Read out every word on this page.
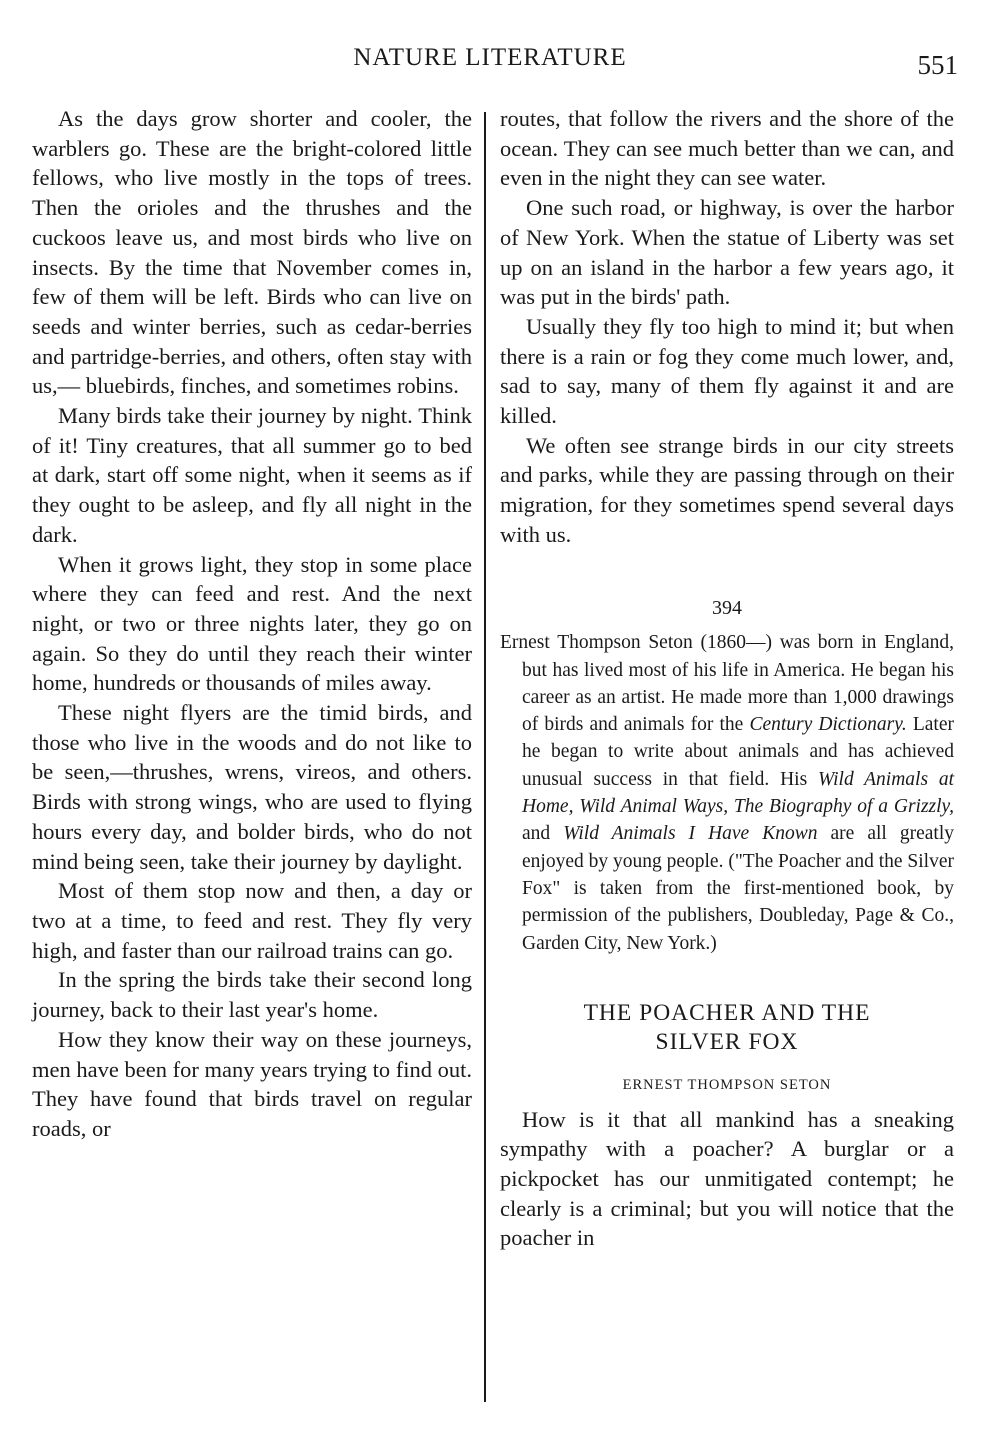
NATURE LITERATURE	551

As the days grow shorter and cooler, the warblers go. These are the bright-colored little fellows, who live mostly in the tops of trees. Then the orioles and the thrushes and the cuckoos leave us, and most birds who live on insects. By the time that November comes in, few of them will be left. Birds who can live on seeds and winter berries, such as cedar-berries and partridge-berries, and others, often stay with us,— bluebirds, finches, and sometimes robins.

Many birds take their journey by night. Think of it! Tiny creatures, that all summer go to bed at dark, start off some night, when it seems as if they ought to be asleep, and fly all night in the dark.

When it grows light, they stop in some place where they can feed and rest. And the next night, or two or three nights later, they go on again. So they do until they reach their winter home, hundreds or thousands of miles away.

These night flyers are the timid birds, and those who live in the woods and do not like to be seen,—thrushes, wrens, vireos, and others. Birds with strong wings, who are used to flying hours every day, and bolder birds, who do not mind being seen, take their journey by daylight.

Most of them stop now and then, a day or two at a time, to feed and rest. They fly very high, and faster than our railroad trains can go.

In the spring the birds take their second long journey, back to their last year's home.

How they know their way on these journeys, men have been for many years trying to find out. They have found that birds travel on regular roads, or

routes, that follow the rivers and the shore of the ocean. They can see much better than we can, and even in the night they can see water.

One such road, or highway, is over the harbor of New York. When the statue of Liberty was set up on an island in the harbor a few years ago, it was put in the birds' path.

Usually they fly too high to mind it; but when there is a rain or fog they come much lower, and, sad to say, many of them fly against it and are killed.

We often see strange birds in our city streets and parks, while they are passing through on their migration, for they sometimes spend several days with us.

394

Ernest Thompson Seton (1860—) was born in England, but has lived most of his life in America. He began his career as an artist. He made more than 1,000 drawings of birds and animals for the Century Dictionary. Later he began to write about animals and has achieved unusual success in that field. His Wild Animals at Home, Wild Animal Ways, The Biography of a Grizzly, and Wild Animals I Have Known are all greatly enjoyed by young people. ("The Poacher and the Silver Fox" is taken from the first-mentioned book, by permission of the publishers, Doubleday, Page & Co., Garden City, New York.)

THE POACHER AND THE
SILVER FOX
ERNEST THOMPSON SETON

How is it that all mankind has a sneaking sympathy with a poacher? A burglar or a pickpocket has our unmitigated contempt; he clearly is a criminal; but you will notice that the poacher in
